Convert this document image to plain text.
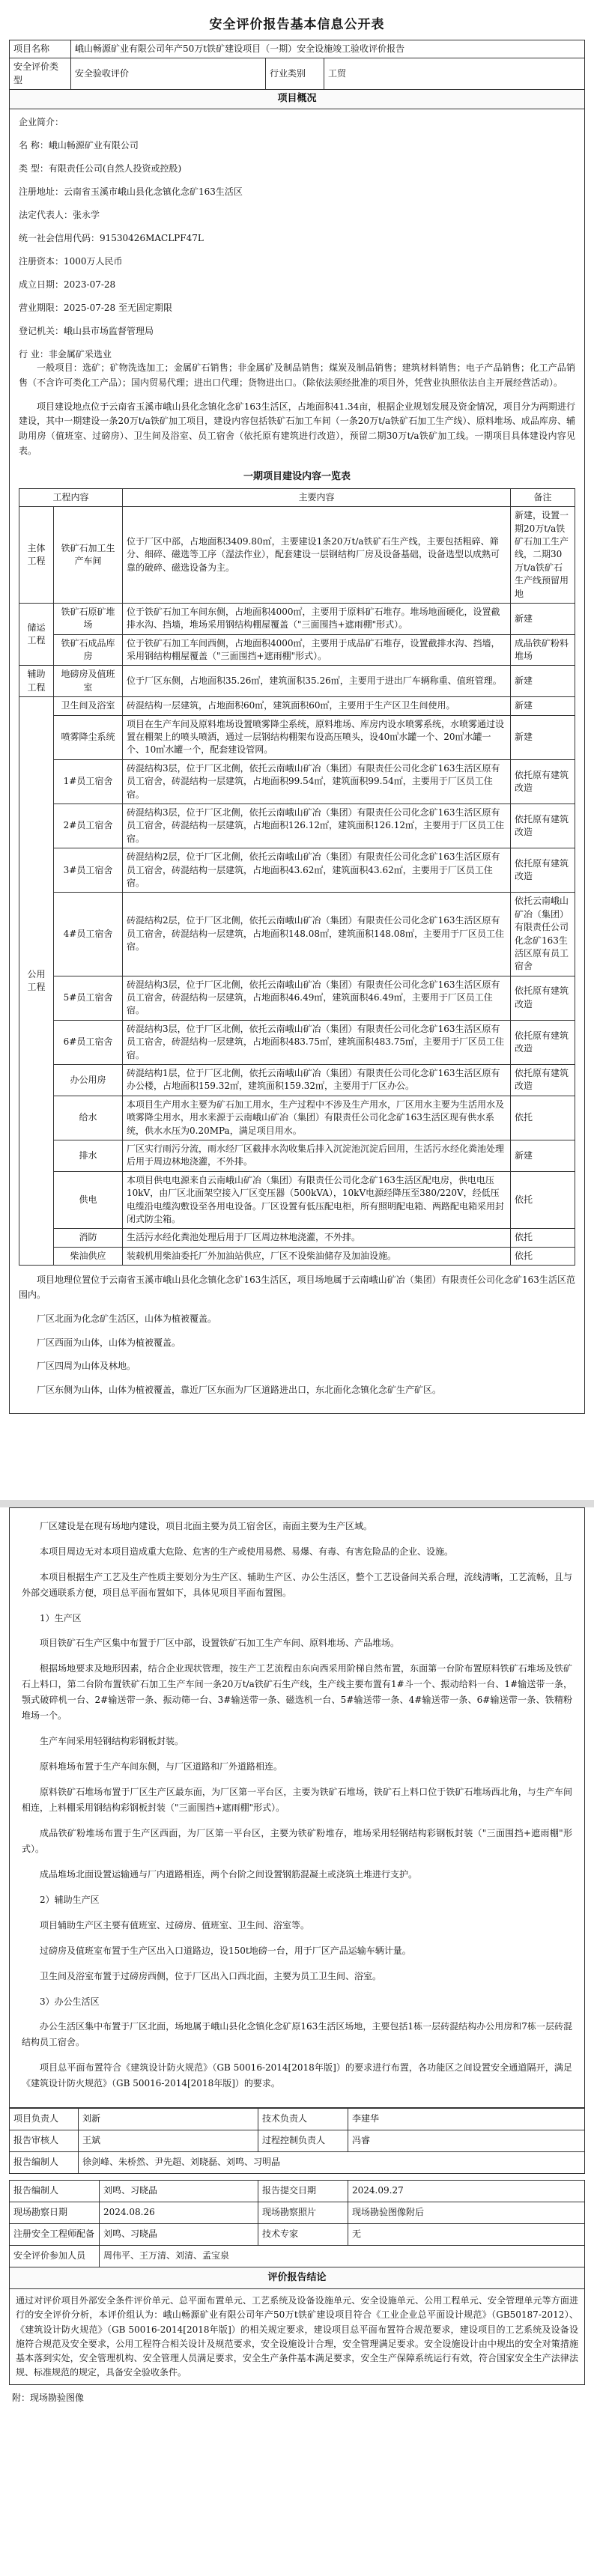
安全评价报告基本信息公开表
项目名称	峨山畅源矿业有限公司年产50万t铁矿建设项目（一期）安全设施竣工验收评价报告		
安全评价类型	安全验收评价	行业类别	工贸
项目概况			

企业简介：

名 称：峨山畅源矿业有限公司

类 型：有限责任公司(自然人投资或控股)

注册地址：云南省玉溪市峨山县化念镇化念矿163生活区

法定代表人：张永学

统一社会信用代码：91530426MACLPF47L

注册资本：1000万人民币

成立日期：2023-07-28

营业期限：2025-07-28 至无固定期限

登记机关：峨山县市场监督管理局

行 业：非金属矿采选业

一般项目：选矿；矿物洗选加工；金属矿石销售；非金属矿及制品销售；煤炭及制品销售；建筑材料销售；电子产品销售；化工产品销售（不含许可类化工产品）；国内贸易代理；进出口代理；货物进出口。（除依法须经批准的项目外，凭营业执照依法自主开展经营活动）。

项目建设地点位于云南省玉溪市峨山县化念镇化念矿163生活区，占地面积41.34亩，根据企业规划发展及资金情况，项目分为两期进行建设，其中一期建设一条20万t/a铁矿加工项目，建设内容包括铁矿石加工车间（一条20万t/a铁矿石加工生产线）、原料堆场、成品库房、辅助用房（值班室、过磅房）、卫生间及浴室、员工宿舍（依托原有建筑进行改造），预留二期30万t/a铁矿加工线。一期项目具体建设内容见表。

一期项目建设内容一览表
工程内容		主要内容	备注
主体工程	铁矿石加工生产车间	位于厂区中部，占地面积3409.80㎡，主要建设1条20万t/a铁矿石生产线，主要包括粗碎、筛分、细碎、磁选等工序（湿法作业），配套建设一层钢结构厂房及设备基础，设备选型以成熟可靠的破碎、磁选设备为主。	新建，设置一期20万t/a铁矿石加工生产线，二期30万t/a铁矿石生产线预留用地
储运工程	铁矿石原矿堆场	位于铁矿石加工车间东侧，占地面积4000㎡，主要用于原料矿石堆存。堆场地面硬化，设置截排水沟、挡墙，堆场采用钢结构棚屋覆盖（"三面围挡+遮雨棚"形式）。	新建
	铁矿石成品库房	位于铁矿石加工车间西侧，占地面积4000㎡，主要用于成品矿石堆存，设置截排水沟、挡墙，采用钢结构棚屋覆盖（"三面围挡+遮雨棚"形式）。	成品铁矿粉料堆场
辅助工程	地磅房及值班室	位于厂区东侧，占地面积35.26㎡，建筑面积35.26㎡，主要用于进出厂车辆称重、值班管理。	新建
公用工程	卫生间及浴室	砖混结构一层建筑，占地面积60㎡，建筑面积60㎡，主要用于生产区卫生间使用。	新建
	喷雾降尘系统	项目在生产车间及原料堆场设置喷雾降尘系统，原料堆场、库房内设水喷雾系统，水喷雾通过设置在棚架上的喷头喷洒，通过一层钢结构棚架布设高压喷头，设40㎥水罐一个、20㎥水罐一个、10㎥水罐一个，配套建设管网。	新建
	1#员工宿舍	砖混结构3层，位于厂区北侧，依托云南峨山矿冶（集团）有限责任公司化念矿163生活区原有员工宿舍，砖混结构一层建筑，占地面积99.54㎡，建筑面积99.54㎡，主要用于厂区员工住宿。	依托原有建筑改造
	2#员工宿舍	砖混结构3层，位于厂区北侧，依托云南峨山矿冶（集团）有限责任公司化念矿163生活区原有员工宿舍，砖混结构一层建筑，占地面积126.12㎡，建筑面积126.12㎡，主要用于厂区员工住宿。	依托原有建筑改造
	3#员工宿舍	砖混结构2层，位于厂区北侧，依托云南峨山矿冶（集团）有限责任公司化念矿163生活区原有员工宿舍，砖混结构一层建筑，占地面积43.62㎡，建筑面积43.62㎡，主要用于厂区员工住宿。	依托原有建筑改造
	4#员工宿舍	砖混结构2层，位于厂区北侧，依托云南峨山矿冶（集团）有限责任公司化念矿163生活区原有员工宿舍，砖混结构一层建筑，占地面积148.08㎡，建筑面积148.08㎡，主要用于厂区员工住宿。	依托云南峨山矿冶（集团）有限责任公司化念矿163生活区原有员工宿舍
	5#员工宿舍	砖混结构3层，位于厂区北侧，依托云南峨山矿冶（集团）有限责任公司化念矿163生活区原有员工宿舍，砖混结构一层建筑，占地面积46.49㎡，建筑面积46.49㎡，主要用于厂区员工住宿。	依托原有建筑改造
	6#员工宿舍	砖混结构3层，位于厂区北侧，依托云南峨山矿冶（集团）有限责任公司化念矿163生活区原有员工宿舍，砖混结构一层建筑，占地面积483.75㎡，建筑面积483.75㎡，主要用于厂区员工住宿。	依托原有建筑改造
	办公用房	砖混结构1层，位于厂区北侧，依托云南峨山矿冶（集团）有限责任公司化念矿163生活区原有办公楼，占地面积159.32㎡，建筑面积159.32㎡，主要用于厂区办公。	依托原有建筑改造
	给水	本项目生产用水主要为矿石加工用水，生产过程中不涉及生产用水，厂区用水主要为生活用水及喷雾降尘用水，用水来源于云南峨山矿冶（集团）有限责任公司化念矿163生活区现有供水系统，供水水压为0.20MPa，满足项目用水。	依托
	排水	厂区实行雨污分流，雨水经厂区截排水沟收集后排入沉淀池沉淀后回用，生活污水经化粪池处理后用于周边林地浇灌，不外排。	新建
	供电	本项目供电电源来自云南峨山矿冶（集团）有限责任公司化念矿163生活区配电房，供电电压10kV，由厂区北面架空接入厂区变压器（500kVA），10kV电源经降压至380/220V，经低压电缆沿电缆沟敷设至各用电设备。厂区设置有低压配电柜，所有照明配电箱、两路配电箱采用封闭式防尘箱。	依托
	消防	生活污水经化粪池处理后用于厂区周边林地浇灌，不外排。	依托
	柴油供应	装载机用柴油委托厂外加油站供应，厂区不设柴油储存及加油设施。	依托

项目地理位置位于云南省玉溪市峨山县化念镇化念矿163生活区，项目场地属于云南峨山矿冶（集团）有限责任公司化念矿163生活区范围内。

厂区北面为化念矿生活区，山体为植被覆盖。

厂区西面为山体，山体为植被覆盖。

厂区四周为山体及林地。

厂区东侧为山体，山体为植被覆盖，靠近厂区东面为厂区道路进出口，东北面化念镇化念矿生产矿区。

厂区建设是在现有场地内建设，项目北面主要为员工宿舍区，南面主要为生产区域。

本项目周边无对本项目造成重大危险、危害的生产或使用易燃、易爆、有毒、有害危险品的企业、设施。

本项目根据生产工艺及生产性质主要划分为生产区、辅助生产区、办公生活区，整个工艺设备间关系合理，流线清晰，工艺流畅，且与外部交通联系方便，项目总平面布置如下，具体见项目平面布置图。

1）生产区

项目铁矿石生产区集中布置于厂区中部，设置铁矿石加工生产车间、原料堆场、产品堆场。

根据场地要求及地形因素，结合企业现状管理，按生产工艺流程由东向西采用阶梯自然布置，东面第一台阶布置原料铁矿石堆场及铁矿石上料口，第二台阶布置铁矿石加工生产车间一条20万t/a铁矿石生产线，生产线主要布置有1#斗一个、振动给料一台、1#输送带一条，颚式破碎机一台、2#输送带一条、振动筛一台、3#输送带一条、磁选机一台、5#输送带一条、4#输送带一条、6#输送带一条、铁精粉堆场一个。

生产车间采用轻钢结构彩钢板封装。

原料堆场布置于生产车间东侧，与厂区道路和厂外道路相连。

原料铁矿石堆场布置于厂区生产区最东面，为厂区第一平台区，主要为铁矿石堆场，铁矿石上料口位于铁矿石堆场西北角，与生产车间相连，上料棚采用钢结构彩钢板封装（"三面围挡+遮雨棚"形式）。

成品铁矿粉堆场布置于生产区西面，为厂区第一平台区，主要为铁矿粉堆存，堆场采用轻钢结构彩钢板封装（"三面围挡+遮雨棚"形式）。

成品堆场北面设置运输通与厂内道路相连，两个台阶之间设置钢筋混凝土或浇筑土堆进行支护。

2）辅助生产区

项目辅助生产区主要有值班室、过磅房、值班室、卫生间、浴室等。

过磅房及值班室布置于生产区出入口道路边，设150t地磅一台，用于厂区产品运输车辆计量。

卫生间及浴室布置于过磅房西侧，位于厂区出入口西北面，主要为员工卫生间、浴室。

3）办公生活区

办公生活区集中布置于厂区北面，场地属于峨山县化念镇化念矿原163生活区场地，主要包括1栋一层砖混结构办公用房和7栋一层砖混结构员工宿舍。

项目总平面布置符合《建筑设计防火规范》（GB 50016-2014[2018年版]）的要求进行布置，各功能区之间设置安全通道隔开，满足《建筑设计防火规范》（GB 50016-2014[2018年版]）的要求。

项目负责人	刘新	技术负责人	李建华
报告审核人	王斌	过程控制负责人	冯睿
报告编制人	徐剑峰、朱桥然、尹先超、刘晓磊、刘鸣、习明晶		
报告编制人	刘鸣、习晓晶	报告提交日期	2024.09.27
现场勘察日期	2024.08.26	现场勘察照片	现场勘验图像附后
注册安全工程师配备	刘鸣、习晓晶	技术专家	无
安全评价参加人员	周伟平、王万清、刘清、孟宝泉		
评价报告结论			
通过对评价项目外部安全条件评价单元、总平面布置单元、工艺系统及设备设施单元、安全设施单元、公用工程单元、安全管理单元等方面进行的安全评价分析，本评价组认为：峨山畅源矿业有限公司年产50万t铁矿建设项目符合《工业企业总平面设计规范》（GB50187-2012）、《建筑设计防火规范》（GB 50016-2014[2018年版]）的相关规定要求，建设项目总平面布置符合规范要求，建设项目的工艺系统及设备设施符合规范及安全要求，公用工程符合相关设计及规范要求，安全设施设计合理，安全管理满足要求。安全设施设计由中规出的安全对策措施基本落到实处，安全管理机构、安全管理人员满足要求，安全生产条件基本满足要求，安全生产保障系统运行有效，符合国家安全生产法律法规、标准规范的规定，具备安全验收条件。			
附：现场勘验图像
